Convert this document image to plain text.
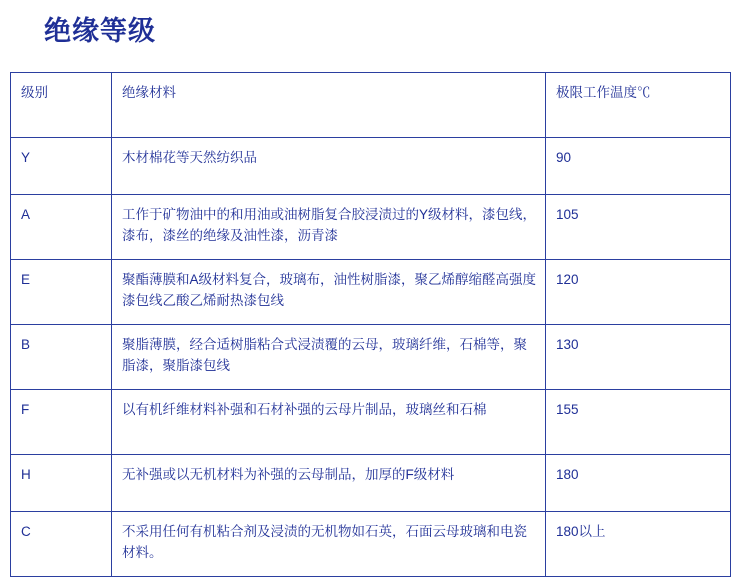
绝缘等级
级别	绝缘材料	极限工作温度℃
Y	木材棉花等天然纺织品	90
A	工作于矿物油中的和用油或油树脂复合胶浸渍过的Y级材料，漆包线，漆布，漆丝的绝缘及油性漆，沥青漆	105
E	聚酯薄膜和A级材料复合，玻璃布，油性树脂漆，聚乙烯醇缩醛高强度漆包线乙酸乙烯耐热漆包线	120
B	聚脂薄膜，经合适树脂粘合式浸渍覆的云母，玻璃纤维，石棉等，聚脂漆，聚脂漆包线	130
F	以有机纤维材料补强和石材补强的云母片制品，玻璃丝和石棉	155
H	无补强或以无机材料为补强的云母制品，加厚的F级材料	180
C	不采用任何有机粘合剂及浸渍的无机物如石英，石面云母玻璃和电瓷材料。	180以上
